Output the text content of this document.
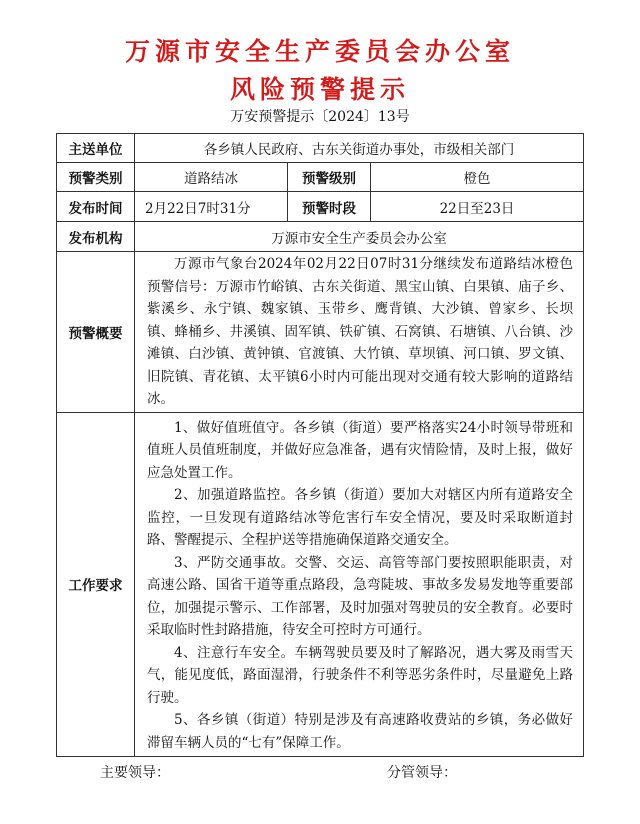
万源市安全生产委员会办公室
风险预警提示
万安预警提示〔2024〕13号
主送单位	各乡镇人民政府、古东关街道办事处，市级相关部门		
预警类别	道路结冰	预警级别	橙色
发布时间	2月22日7时31分	预警时段	22日至23日
发布机构	万源市安全生产委员会办公室		
预警概要	万源市气象台2024年02月22日07时31分继续发布道路结冰橙色预警信号：万源市竹峪镇、古东关街道、黑宝山镇、白果镇、庙子乡、紫溪乡、永宁镇、魏家镇、玉带乡、鹰背镇、大沙镇、曾家乡、长坝镇、蜂桶乡、井溪镇、固军镇、铁矿镇、石窝镇、石塘镇、八台镇、沙滩镇、白沙镇、黄钟镇、官渡镇、大竹镇、草坝镇、河口镇、罗文镇、旧院镇、青花镇、太平镇6小时内可能出现对交通有较大影响的道路结冰。		

工作要求	1、做好值班值守。各乡镇（街道）要严格落实24小时领导带班和值班人员值班制度，并做好应急准备，遇有灾情险情，及时上报，做好应急处置工作。

2、加强道路监控。各乡镇（街道）要加大对辖区内所有道路安全监控，一旦发现有道路结冰等危害行车安全情况，要及时采取断道封路、警醒提示、全程护送等措施确保道路交通安全。

3、严防交通事故。交警、交运、高管等部门要按照职能职责，对高速公路、国省干道等重点路段，急弯陡坡、事故多发易发地等重要部位，加强提示警示、工作部署，及时加强对驾驶员的安全教育。必要时采取临时性封路措施，待安全可控时方可通行。

4、注意行车安全。车辆驾驶员要及时了解路况，遇大雾及雨雪天气，能见度低，路面湿滑，行驶条件不利等恶劣条件时，尽量避免上路行驶。

5、各乡镇（街道）特别是涉及有高速路收费站的乡镇，务必做好滞留车辆人员的“七有”保障工作。		

主要领导：	分管领导：
